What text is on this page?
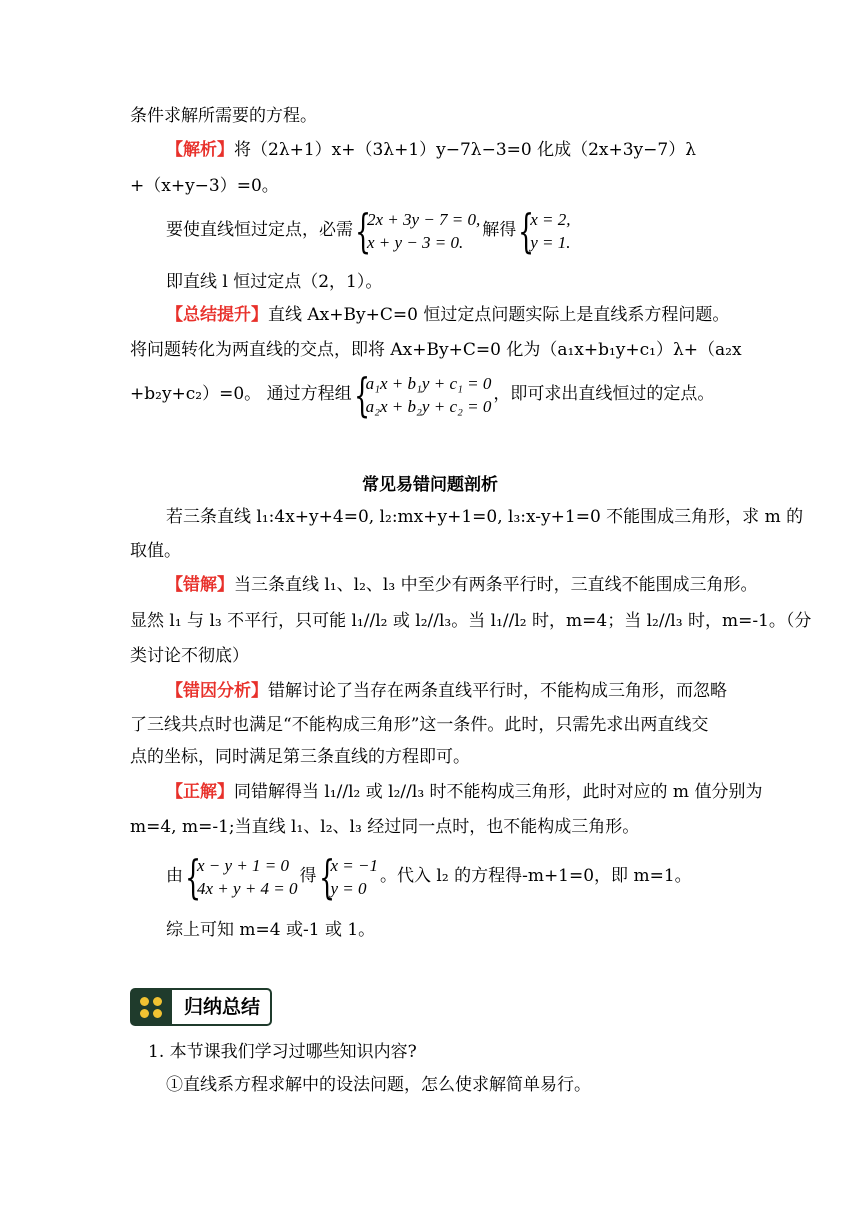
条件求解所需要的方程。
【解析】将（2λ+1）x+（3λ+1）y−7λ−3=0 化成（2x+3y−7）λ
+（x+y−3）=0。
要使直线恒过定点，必需 {
2x + 3y − 7 = 0,
x + y − 3 = 0.
解得 {
x = 2,
y = 1.
即直线 l 恒过定点（2，1）。
【总结提升】直线 Ax+By+C=0 恒过定点问题实际上是直线系方程问题。
将问题转化为两直线的交点，即将 Ax+By+C=0 化为（a₁x+b₁y+c₁）λ+（a₂x
+b₂y+c₂）=0。 通过方程组 {
a₁x + b₁y + c₁ = 0
a₂x + b₂y + c₂ = 0
，即可求出直线恒过的定点。
常见易错问题剖析
若三条直线 l₁:4x+y+4=0, l₂:mx+y+1=0, l₃:x-y+1=0 不能围成三角形，求 m 的
取值。
【错解】当三条直线 l₁、l₂、l₃ 中至少有两条平行时，三直线不能围成三角形。
显然 l₁ 与 l₃ 不平行，只可能 l₁//l₂ 或 l₂//l₃。当 l₁//l₂ 时，m=4；当 l₂//l₃ 时，m=-1。（分
类讨论不彻底）
【错因分析】错解讨论了当存在两条直线平行时，不能构成三角形，而忽略
了三线共点时也满足“不能构成三角形”这一条件。此时，只需先求出两直线交
点的坐标，同时满足第三条直线的方程即可。
【正解】同错解得当 l₁//l₂ 或 l₂//l₃ 时不能构成三角形，此时对应的 m 值分别为
m=4, m=-1;当直线 l₁、l₂、l₃ 经过同一点时，也不能构成三角形。
由 {
x − y + 1 = 0
4x + y + 4 = 0
得 {
x = −1
y = 0
。代入 l₂ 的方程得-m+1=0，即 m=1。
综上可知 m=4 或-1 或 1。
归纳总结
1. 本节课我们学习过哪些知识内容?
①直线系方程求解中的设法问题，怎么使求解简单易行。
